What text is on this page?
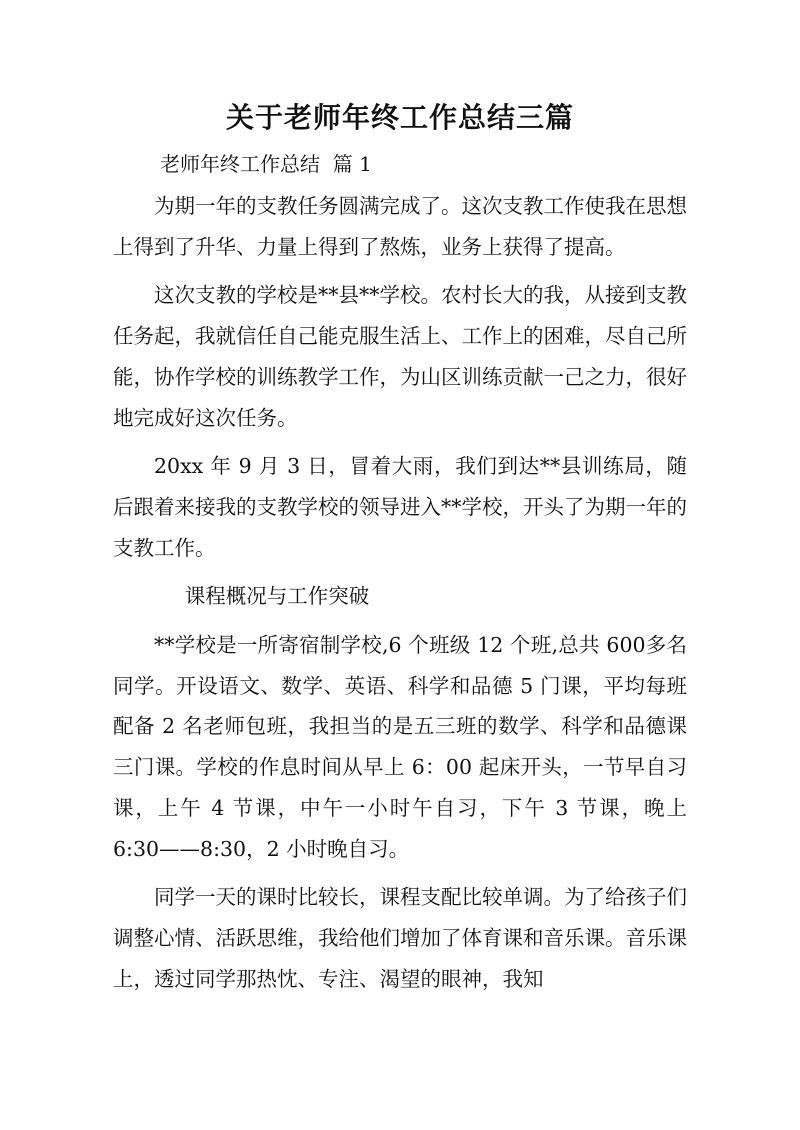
关于老师年终工作总结三篇
老师年终工作总结  篇 1

为期一年的支教任务圆满完成了。这次支教工作使我在思想上得到了升华、力量上得到了熬炼，业务上获得了提高。

这次支教的学校是**县**学校。农村长大的我，从接到支教任务起，我就信任自己能克服生活上、工作上的困难，尽自己所能，协作学校的训练教学工作，为山区训练贡献一己之力，很好地完成好这次任务。

20xx 年 9 月 3 日，冒着大雨，我们到达**县训练局，随后跟着来接我的支教学校的领导进入**学校，开头了为期一年的支教工作。

课程概况与工作突破

**学校是一所寄宿制学校,6 个班级 12 个班,总共 600多名同学。开设语文、数学、英语、科学和品德 5 门课，平均每班配备 2 名老师包班，我担当的是五三班的数学、科学和品德课三门课。学校的作息时间从早上 6：00 起床开头，一节早自习课，上午 4 节课，中午一小时午自习，下午 3 节课，晚上 6:30——8:30，2 小时晚自习。

同学一天的课时比较长，课程支配比较单调。为了给孩子们调整心情、活跃思维，我给他们增加了体育课和音乐课。音乐课上，透过同学那热忱、专注、渴望的眼神，我知
